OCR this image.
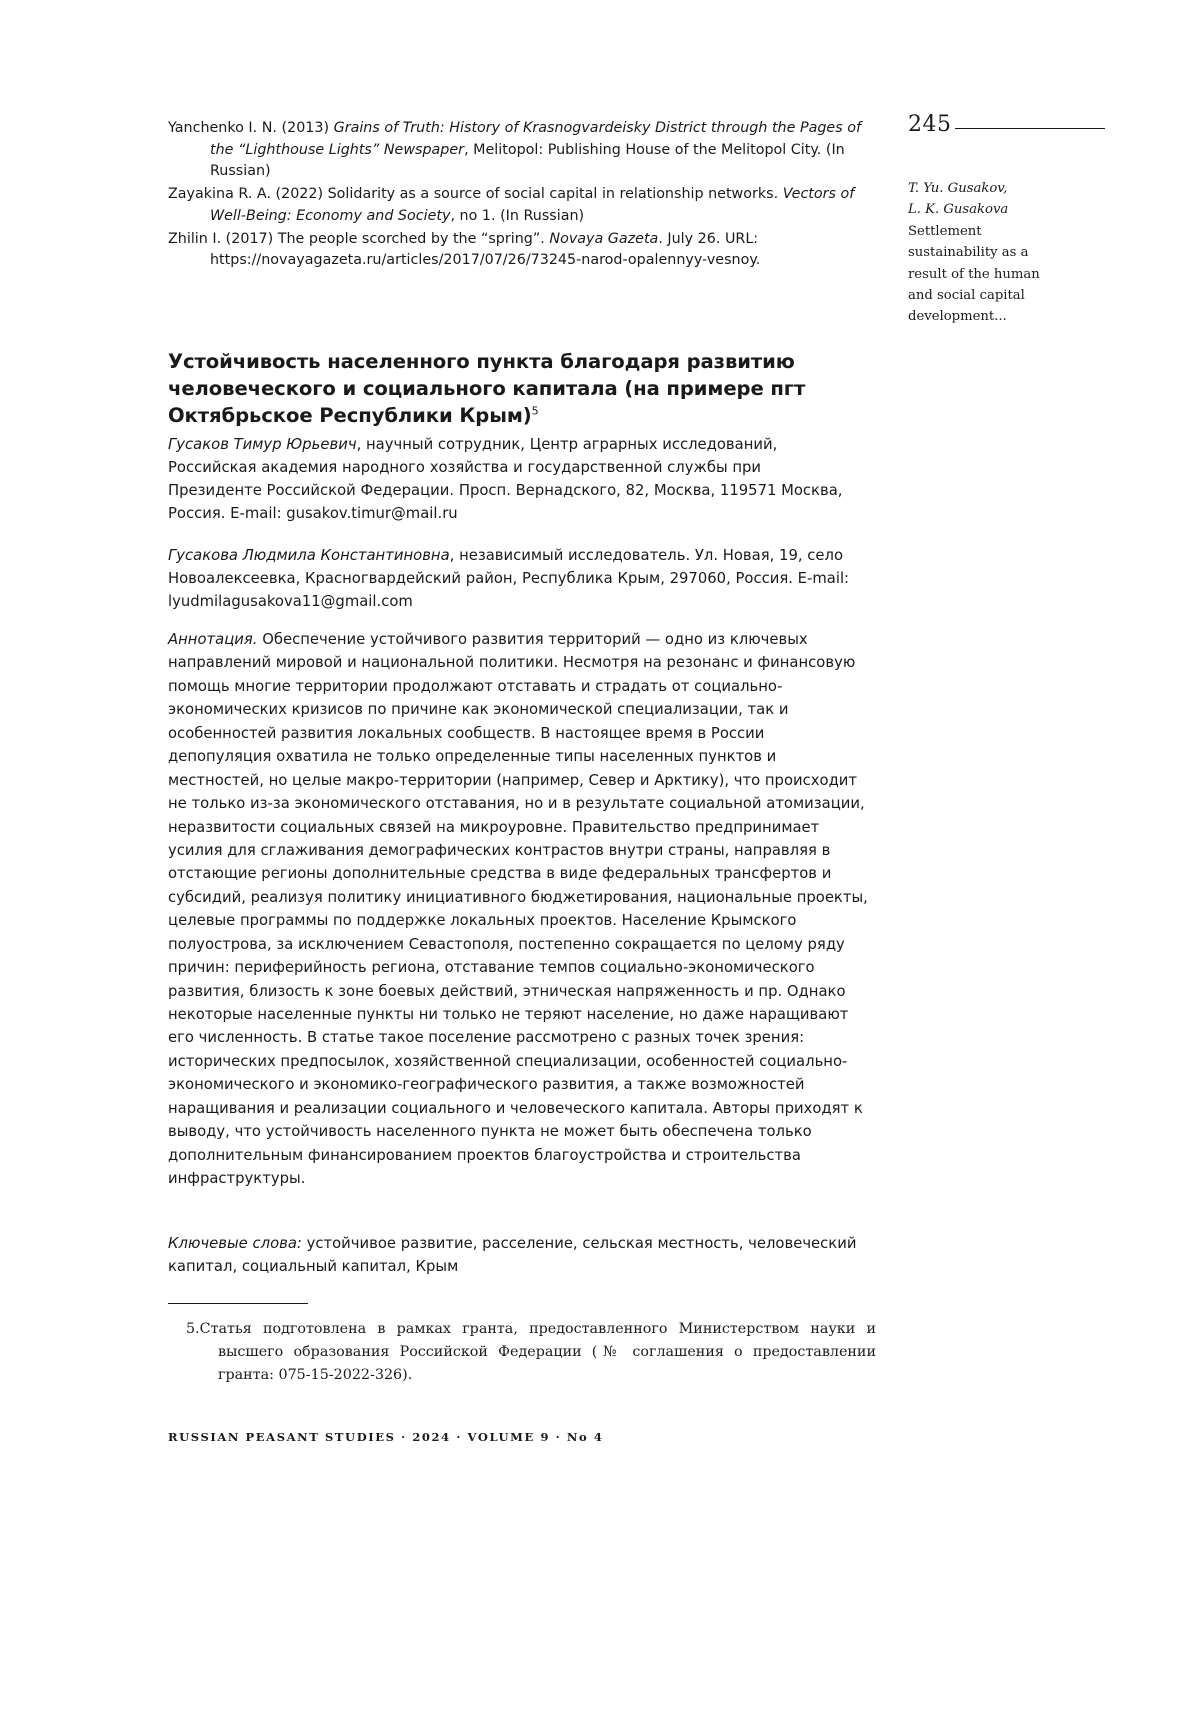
Yanchenko I. N. (2013) Grains of Truth: History of Krasnogvardeisky District through the Pages of the “Lighthouse Lights” Newspaper, Melitopol: Publishing House of the Melitopol City. (In Russian)
Zayakina R. A. (2022) Solidarity as a source of social capital in relationship networks. Vectors of Well-Being: Economy and Society, no 1. (In Russian)
Zhilin I. (2017) The people scorched by the “spring”. Novaya Gazeta. July 26. URL: https://novayagazeta.ru/articles/2017/07/26/73245-narod-opalennyy-vesnoy.
245
T. Yu. Gusakov,
L. K. Gusakova
Settlement sustainability as a result of the human and social capital development...
Устойчивость населенного пункта благодаря развитию человеческого и социального капитала (на примере пгт Октябрьское Республики Крым)$^5$
Гусаков Тимур Юрьевич, научный сотрудник, Центр аграрных исследований, Российская академия народного хозяйства и государственной службы при Президенте Российской Федерации. Просп. Вернадского, 82, Москва, 119571 Москва, Россия. E-mail: gusakov.timur@mail.ru
Гусакова Людмила Константиновна, независимый исследователь. Ул. Новая, 19, село Новоалексеевка, Красногвардейский район, Республика Крым, 297060, Россия. E-mail: lyudmilagusakova11@gmail.com
Аннотация. Обеспечение устойчивого развития территорий — одно из ключевых направлений мировой и национальной политики. Несмотря на резонанс и финансовую помощь многие территории продолжают отставать и страдать от социально-экономических кризисов по причине как экономической специализации, так и особенностей развития локальных сообществ. В настоящее время в России депопуляция охватила не только определенные типы населенных пунктов и местностей, но целые макро-территории (например, Север и Арктику), что происходит не только из-за экономического отставания, но и в результате социальной атомизации, неразвитости социальных связей на микроуровне. Правительство предпринимает усилия для сглаживания демографических контрастов внутри страны, направляя в отстающие регионы дополнительные средства в виде федеральных трансфертов и субсидий, реализуя политику инициативного бюджетирования, национальные проекты, целевые программы по поддержке локальных проектов. Население Крымского полуострова, за исключением Севастополя, постепенно сокращается по целому ряду причин: периферийность региона, отставание темпов социально-экономического развития, близость к зоне боевых действий, этническая напряженность и пр. Однако некоторые населенные пункты ни только не теряют население, но даже наращивают его численность. В статье такое поселение рассмотрено с разных точек зрения: исторических предпосылок, хозяйственной специализации, особенностей социально-экономического и экономико-географического развития, а также возможностей наращивания и реализации социального и человеческого капитала. Авторы приходят к выводу, что устойчивость населенного пункта не может быть обеспечена только дополнительным финансированием проектов благоустройства и строительства инфраструктуры.
Ключевые слова: устойчивое развитие, расселение, сельская местность, человеческий капитал, социальный капитал, Крым
5.Статья подготовлена в рамках гранта, предоставленного Министерством науки и высшего образования Российской Федерации (№ соглашения о предоставлении гранта: 075-15-2022-326).
RUSSIAN PEASANT STUDIES · 2024 · VOLUME 9 · No 4
